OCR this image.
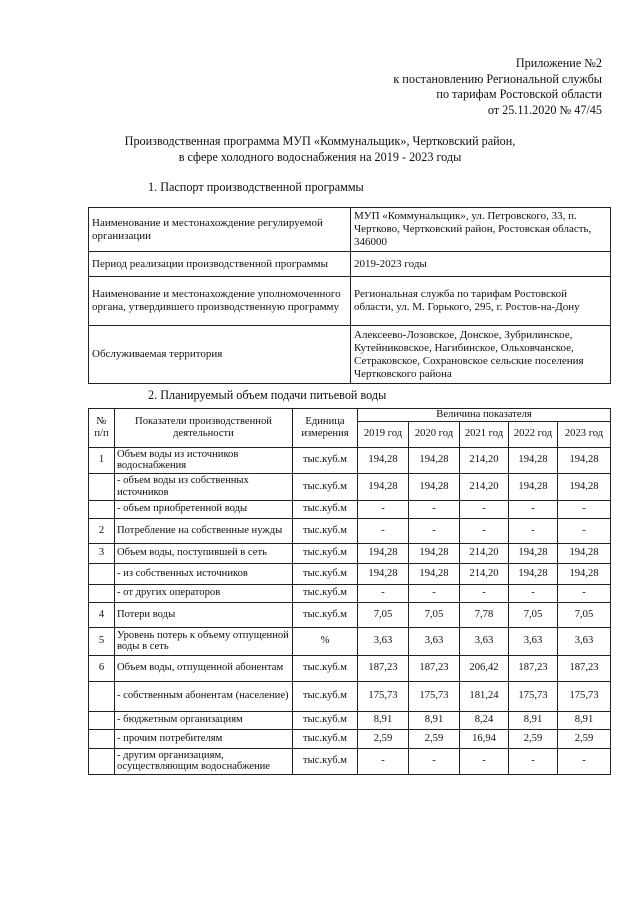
Приложение №2
к постановлению Региональной службы
по тарифам Ростовской области
от 25.11.2020 № 47/45
Производственная программа МУП «Коммунальщик», Чертковский район,
в сфере холодного водоснабжения на 2019 - 2023 годы
1. Паспорт производственной программы
Наименование и местонахождение регулируемой организации	МУП «Коммунальщик», ул. Петровского, 33, п. Чертково, Чертковский район, Ростовская область, 346000
Период реализации производственной программы	2019-2023 годы
Наименование и местонахождение уполномоченного органа, утвердившего производственную программу	Региональная служба по тарифам Ростовской области, ул. М. Горького, 295, г. Ростов-на-Дону
Обслуживаемая территория	Алексеево-Лозовское, Донское, Зубрилинское, Кутейниковское, Нагибинское, Ольховчанское, Сетраковское, Сохрановское сельские поселения Чертковского района
2. Планируемый объем подачи питьевой воды
№ п/п	Показатели производственной деятельности	Единица измерения	Величина показателя				
			2019 год	2020 год	2021 год	2022 год	2023 год
1	Объем воды из источников водоснабжения	тыс.куб.м	194,28	194,28	214,20	194,28	194,28
	- объем воды из собственных источников	тыс.куб.м	194,28	194,28	214,20	194,28	194,28
	- объем приобретенной воды	тыс.куб.м	-	-	-	-	-
2	Потребление на собственные нужды	тыс.куб.м	-	-	-	-	-
3	Объем воды, поступившей в сеть	тыс.куб.м	194,28	194,28	214,20	194,28	194,28
	- из собственных источников	тыс.куб.м	194,28	194,28	214,20	194,28	194,28
	- от других операторов	тыс.куб.м	-	-	-	-	-
4	Потери воды	тыс.куб.м	7,05	7,05	7,78	7,05	7,05
5	Уровень потерь к объему отпущенной воды в сеть	%	3,63	3,63	3,63	3,63	3,63
6	Объем воды, отпущенной абонентам	тыс.куб.м	187,23	187,23	206,42	187,23	187,23
	- собственным абонентам (население)	тыс.куб.м	175,73	175,73	181,24	175,73	175,73
	- бюджетным организациям	тыс.куб.м	8,91	8,91	8,24	8,91	8,91
	- прочим потребителям	тыс.куб.м	2,59	2,59	16,94	2,59	2,59
	- другим организациям, осуществляющим водоснабжение	тыс.куб.м	-	-	-	-	-
